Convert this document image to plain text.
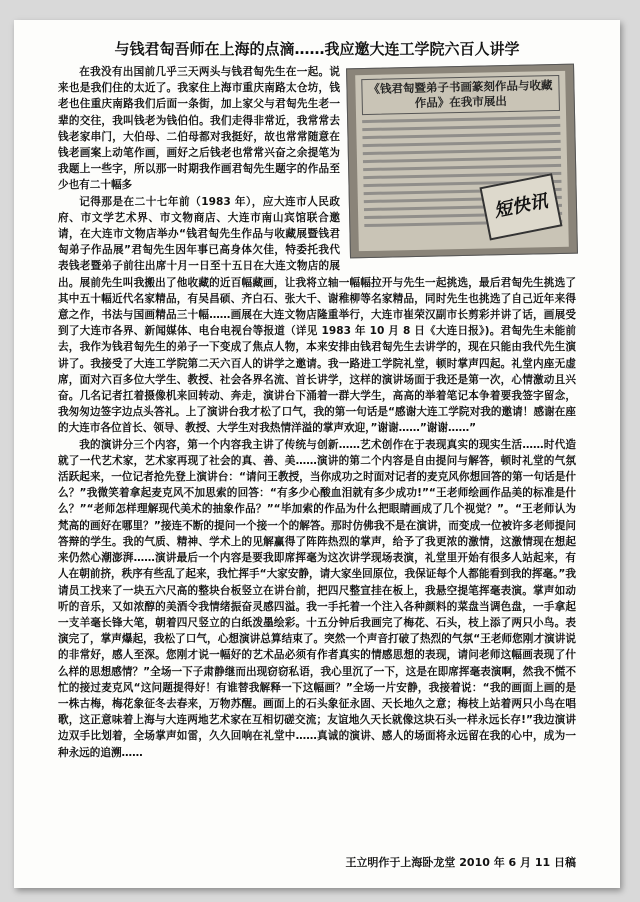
与钱君匋吾师在上海的点滴……我应邀大连工学院六百人讲学
《钱君匋暨弟子书画篆刻作品与收藏作品》在我市展出
短快讯

在我没有出国前几乎三天两头与钱君匋先生在一起。说来也是我们住的太近了。我家住上海市重庆南路太仓坊，钱老也住重庆南路我们后面一条街，加上家父与君匋先生老一辈的交往，我叫钱老为钱伯伯。我们走得非常近，我常常去钱老家串门，大伯母、二伯母都对我挺好，故也常常随意在钱老画案上动笔作画，画好之后钱老也常常兴奋之余提笔为我题上一些字，所以那一时期我作画君匋先生题字的作品至少也有二十幅多

记得那是在二十七年前（1983 年），应大连市人民政府、市文学艺术界、市文物商店、大连市南山宾馆联合邀请，在大连市文物店举办“钱君匋先生作品与收藏展暨钱君匋弟子作品展”君匋先生因年事已高身体欠佳，特委托我代表钱老暨弟子前往出席十月一日至十五日在大连文物店的展出。展前先生叫我搬出了他收藏的近百幅藏画，让我将立轴一幅幅拉开与先生一起挑选，最后君匋先生挑选了其中五十幅近代名家精品，有吴昌硕、齐白石、张大千、谢稚柳等名家精品，同时先生也挑选了自己近年来得意之作，书法与国画精品三十幅……画展在大连文物店隆重举行，大连市崔荣汉副市长剪彩并讲了话，画展受到了大连市各界、新闻媒体、电台电视台等报道（详见 1983 年 10 月 8 日《大连日报》)。君匋先生未能前去，我作为钱君匋先生的弟子一下变成了焦点人物，本来安排由钱君匋先生去讲学的，现在只能由我代先生演讲了。我接受了大连工学院第二天六百人的讲学之邀请。我一路进工学院礼堂，顿时掌声四起。礼堂内座无虚席，面对六百多位大学生、教授、社会各界名流、首长讲学，这样的演讲场面于我还是第一次，心情激动且兴奋。几名记者扛着摄像机来回转动、奔走，演讲台下涌着一群大学生，高高的举着笔记本争着要我签字留念，我匆匆边签字边点头答礼。上了演讲台我才松了口气，我的第一句话是“感谢大连工学院对我的邀请！感谢在座的大连市各位首长、领导、教授、大学生对我热情洋溢的掌声欢迎，”谢谢……”谢谢……”

我的演讲分三个内容，第一个内容我主讲了传统与创新……艺术创作在于表现真实的现实生活……时代造就了一代艺术家，艺术家再现了社会的真、善、美……演讲的第二个内容是自由提问与解答，顿时礼堂的气氛活跃起来，一位记者抢先登上演讲台：“请问王教授，当你成功之时面对记者的麦克风你想回答的第一句话是什么？”我微笑着拿起麦克风不加思索的回答：“有多少心酸血泪就有多少成功!”“王老师绘画作品美的标准是什么？”“老师怎样理解现代美术的抽象作品？”“毕加索的作品为什么把眼睛画成了几个视觉？”。“王老师认为梵高的画好在哪里？”接连不断的提问一个接一个的解答。那时仿佛我不是在演讲，而变成一位被许多老师提问答辩的学生。我的气质、精神、学术上的见解赢得了阵阵热烈的掌声，给予了我更浓的激情，这激情现在想起来仍然心潮澎湃……演讲最后一个内容是要我即席挥毫为这次讲学现场表演，礼堂里开始有很多人站起来，有人在朝前挤，秩序有些乱了起来，我忙挥手“大家安静，请大家坐回原位，我保证每个人都能看到我的挥毫。”我请员工找来了一块五六尺高的整块台板竖立在讲台前，把四尺整宣挂在板上，我悬空提笔挥毫表演。掌声如动听的音乐，又如浓醇的美酒令我情绪振奋灵感四溢。我一手托着一个注入各种颜料的菜盘当调色盘，一手拿起一支羊毫长锋大笔，朝着四尺竖立的白纸泼墨绘彩。十五分钟后我画完了梅花、石头，枝上添了两只小鸟。表演完了，掌声爆起，我松了口气，心想演讲总算结束了。突然一个声音打破了热烈的气氛“王老师您刚才演讲说的非常好，感人至深。您刚才说一幅好的艺术品必须有作者真实的情感思想的表现，请问老师这幅画表现了什么样的思想感情？”全场一下子肃静继而出现窃窃私语，我心里沉了一下，这是在即席挥毫表演啊，然我不慌不忙的接过麦克风“这问题提得好！有谁替我解释一下这幅画？”全场一片安静，我接着说：“我的画面上画的是一株古梅，梅花象征冬去春来，万物苏醒。画面上的石头象征永固、天长地久之意；梅枝上站着两只小鸟在唱歌，这正意味着上海与大连两地艺术家在互相切磋交流；友谊地久天长就像这块石头一样永远长存!”我边演讲边双手比划着，全场掌声如雷，久久回响在礼堂中……真诚的演讲、感人的场面将永远留在我的心中，成为一种永远的追溯……

王立明作于上海卧龙堂 2010 年 6 月 11 日稿
